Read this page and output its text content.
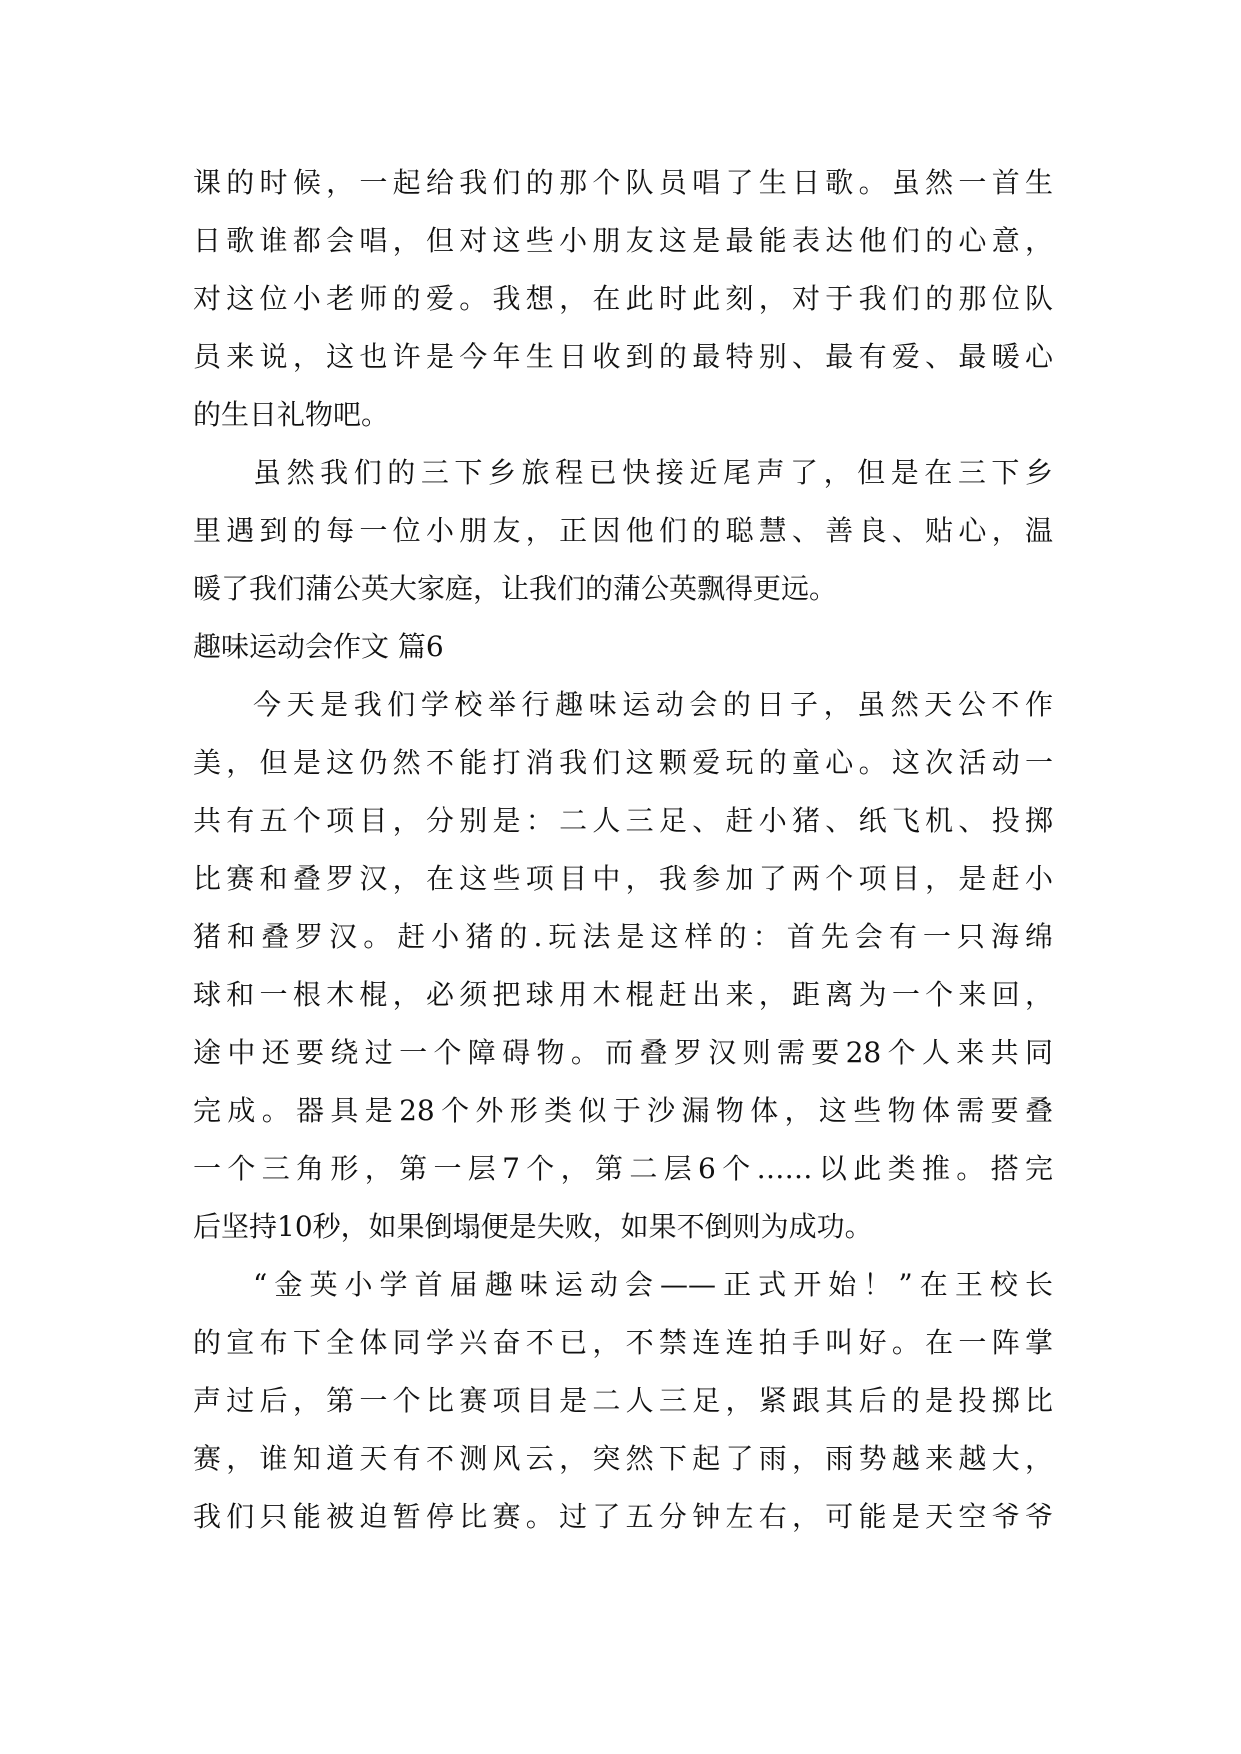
课的时候，一起给我们的那个队员唱了生日歌。虽然一首生
日歌谁都会唱，但对这些小朋友这是最能表达他们的心意，
对这位小老师的爱。我想，在此时此刻，对于我们的那位队
员来说，这也许是今年生日收到的最特别、最有爱、最暖心
的生日礼物吧。
虽然我们的三下乡旅程已快接近尾声了，但是在三下乡
里遇到的每一位小朋友，正因他们的聪慧、善良、贴心，温
暖了我们蒲公英大家庭，让我们的蒲公英飘得更远。
趣味运动会作文 篇6
今天是我们学校举行趣味运动会的日子，虽然天公不作
美，但是这仍然不能打消我们这颗爱玩的童心。这次活动一
共有五个项目，分别是：二人三足、赶小猪、纸飞机、投掷
比赛和叠罗汉，在这些项目中，我参加了两个项目，是赶小
猪和叠罗汉。赶小猪的.玩法是这样的：首先会有一只海绵
球和一根木棍，必须把球用木棍赶出来，距离为一个来回，
途中还要绕过一个障碍物。而叠罗汉则需要28个人来共同
完成。器具是28个外形类似于沙漏物体，这些物体需要叠
一个三角形，第一层7个，第二层6个……以此类推。搭完
后坚持10秒，如果倒塌便是失败，如果不倒则为成功。
“金英小学首届趣味运动会——正式开始！”在王校长
的宣布下全体同学兴奋不已，不禁连连拍手叫好。在一阵掌
声过后，第一个比赛项目是二人三足，紧跟其后的是投掷比
赛，谁知道天有不测风云，突然下起了雨，雨势越来越大，
我们只能被迫暂停比赛。过了五分钟左右，可能是天空爷爷
